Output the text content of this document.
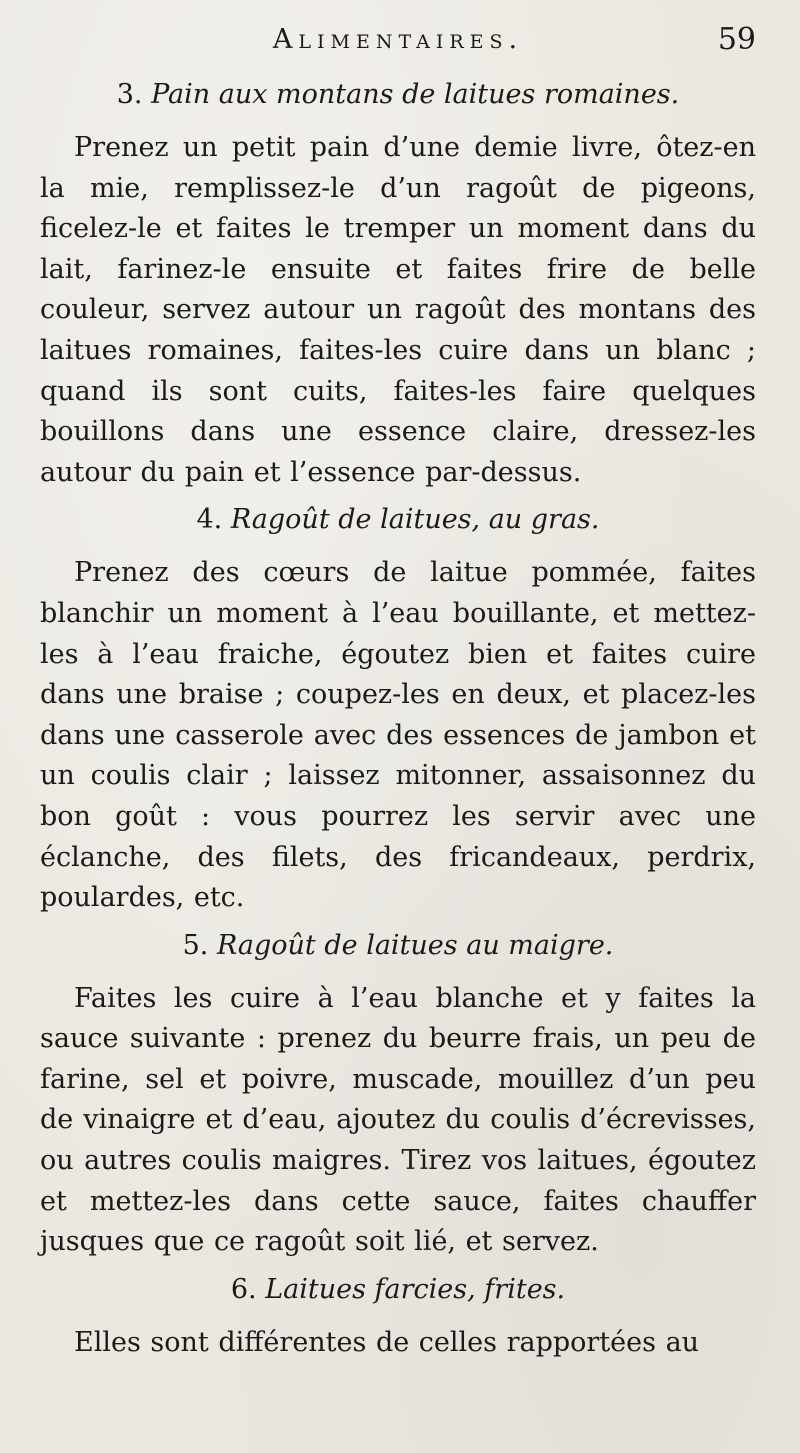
Alimentaires.	59
3. Pain aux montans de laitues romaines.

Prenez un petit pain d’une demie livre, ôtez-en la mie, remplissez-le d’un ragoût de pigeons, ficelez-le et faites le tremper un moment dans du lait, farinez-le ensuite et faites frire de belle couleur, servez autour un ragoût des montans des laitues romaines, faites-les cuire dans un blanc ; quand ils sont cuits, faites-les faire quelques bouillons dans une essence claire, dressez-les autour du pain et l’essence par-dessus.

4. Ragoût de laitues, au gras.

Prenez des cœurs de laitue pommée, faites blanchir un moment à l’eau bouillante, et mettez-les à l’eau fraiche, égoutez bien et faites cuire dans une braise ; coupez-les en deux, et placez-les dans une casserole avec des essences de jambon et un coulis clair ; laissez mitonner, assaisonnez du bon goût : vous pourrez les servir avec une éclanche, des filets, des fricandeaux, perdrix, poulardes, etc.

5. Ragoût de laitues au maigre.

Faites les cuire à l’eau blanche et y faites la sauce suivante : prenez du beurre frais, un peu de farine, sel et poivre, muscade, mouillez d’un peu de vinaigre et d’eau, ajoutez du coulis d’écrevisses, ou autres coulis maigres. Tirez vos laitues, égoutez et mettez-les dans cette sauce, faites chauffer jusques que ce ragoût soit lié, et servez.

6. Laitues farcies, frites.

Elles sont différentes de celles rapportées au
